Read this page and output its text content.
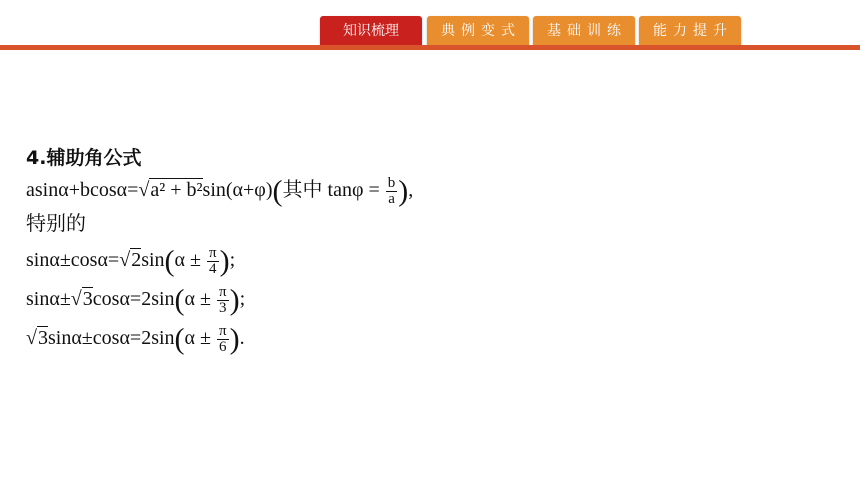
知识梳理	典例变式	基础训练	能力提升
4.辅助角公式
asinα+bcosα=√a² + b²sin(α+φ)(其中 $\tan\varphi = \frac{b}{a}$ ),
特别的
$\sin\alpha\pm\cos\alpha=√2\sin(\alpha \pm \frac{\pi}{4}$ );
$\sin\alpha\pm√3\cos\alpha=2\sin(\alpha \pm \frac{\pi}{3}$ );
$√3\sin\alpha\pm\cos\alpha=2\sin(\alpha \pm \frac{\pi}{6}$ ).
